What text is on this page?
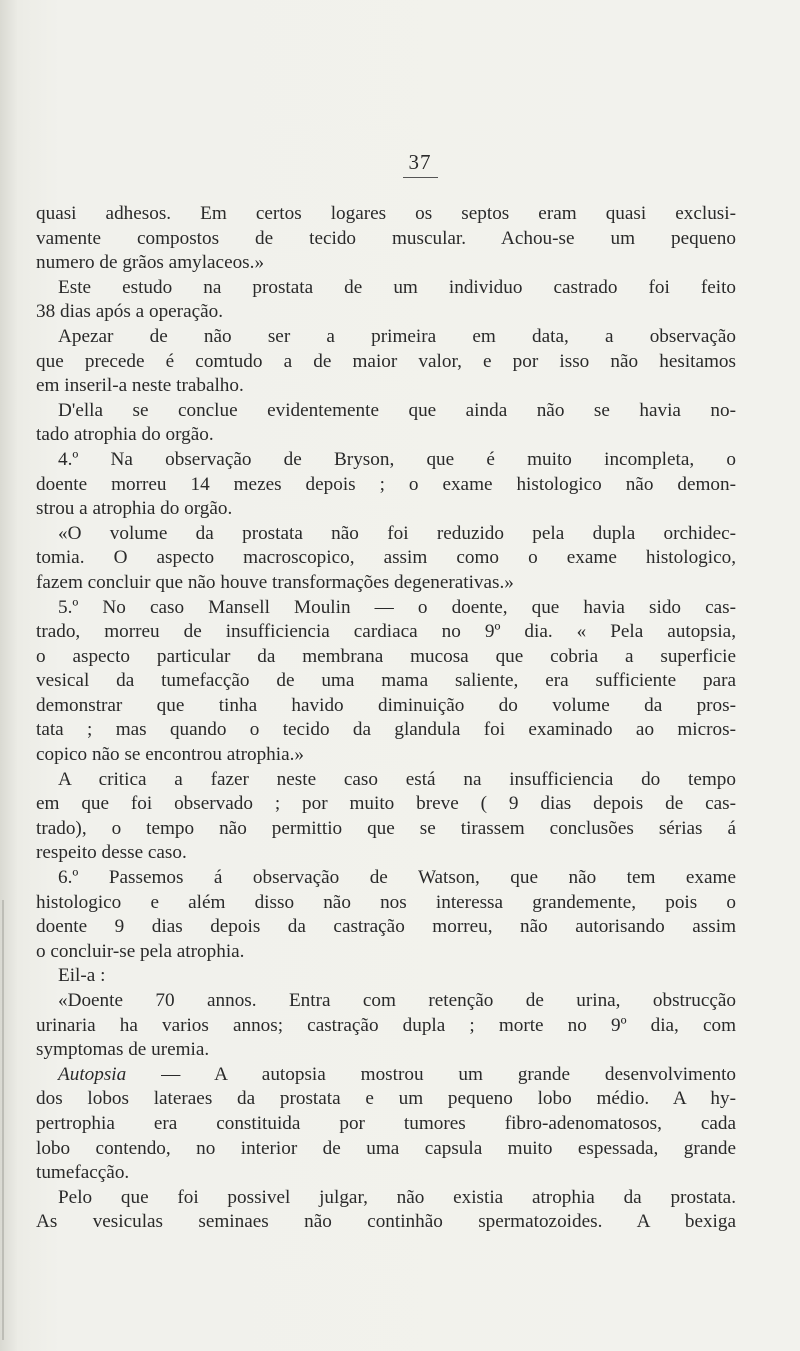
37
quasi adhesos. Em certos logares os septos eram quasi exclusi-
vamente compostos de tecido muscular. Achou-se um pequeno
numero de grãos amylaceos.»
Este estudo na prostata de um individuo castrado foi feito
38 dias após a operação.
Apezar de não ser a primeira em data, a observação
que precede é comtudo a de maior valor, e por isso não hesitamos
em inseril-a neste trabalho.
D'ella se conclue evidentemente que ainda não se havia no-
tado atrophia do orgão.
4.º Na observação de Bryson, que é muito incompleta, o
doente morreu 14 mezes depois ; o exame histologico não demon-
strou a atrophia do orgão.
«O volume da prostata não foi reduzido pela dupla orchidec-
tomia. O aspecto macroscopico, assim como o exame histologico,
fazem concluir que não houve transformações degenerativas.»
5.º No caso Mansell Moulin — o doente, que havia sido cas-
trado, morreu de insufficiencia cardiaca no 9º dia. « Pela autopsia,
o aspecto particular da membrana mucosa que cobria a superficie
vesical da tumefacção de uma mama saliente, era sufficiente para
demonstrar que tinha havido diminuição do volume da pros-
tata ; mas quando o tecido da glandula foi examinado ao micros-
copico não se encontrou atrophia.»
A critica a fazer neste caso está na insufficiencia do tempo
em que foi observado ; por muito breve ( 9 dias depois de cas-
trado), o tempo não permittio que se tirassem conclusões sérias á
respeito desse caso.
6.º Passemos á observação de Watson, que não tem exame
histologico e além disso não nos interessa grandemente, pois o
doente 9 dias depois da castração morreu, não autorisando assim
o concluir-se pela atrophia.
Eil-a :
«Doente 70 annos. Entra com retenção de urina, obstrucção
urinaria ha varios annos; castração dupla ; morte no 9º dia, com
symptomas de uremia.
Autopsia — A autopsia mostrou um grande desenvolvimento
dos lobos lateraes da prostata e um pequeno lobo médio. A hy-
pertrophia era constituida por tumores fibro-adenomatosos, cada
lobo contendo, no interior de uma capsula muito espessada, grande
tumefacção.
Pelo que foi possivel julgar, não existia atrophia da prostata.
As vesiculas seminaes não continhão spermatozoides. A bexiga
